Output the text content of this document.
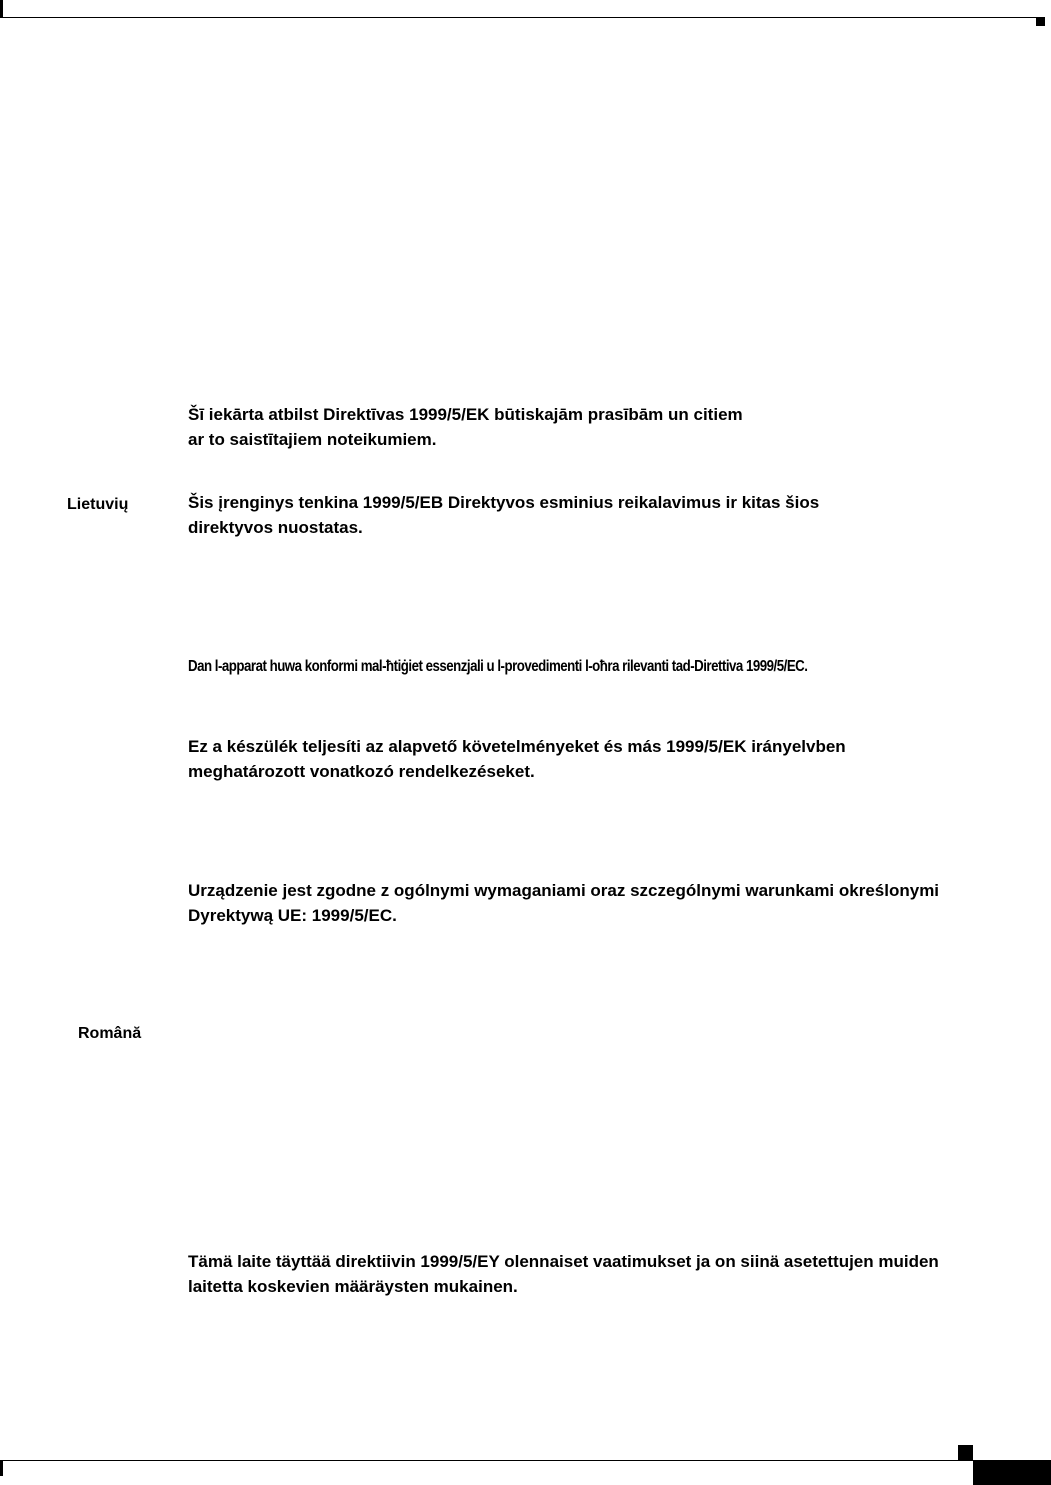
Šī iekārta atbilst Direktīvas 1999/5/EK būtiskajām prasībām un citiem
ar to saistītajiem noteikumiem.
Lietuvių	Šis įrenginys tenkina 1999/5/EB Direktyvos esminius reikalavimus ir kitas šios
direktyvos nuostatas.
Dan l-apparat huwa konformi mal-ħtiġiet essenzjali u l-provedimenti l-oħra rilevanti tad-Direttiva 1999/5/EC.
Ez a készülék teljesíti az alapvető követelményeket és más 1999/5/EK irányelvben
meghatározott vonatkozó rendelkezéseket.
Urządzenie jest zgodne z ogólnymi wymaganiami oraz szczególnymi warunkami określonymi
Dyrektywą UE: 1999/5/EC.
Română
Tämä laite täyttää direktiivin 1999/5/EY olennaiset vaatimukset ja on siinä asetettujen muiden
laitetta koskevien määräysten mukainen.
